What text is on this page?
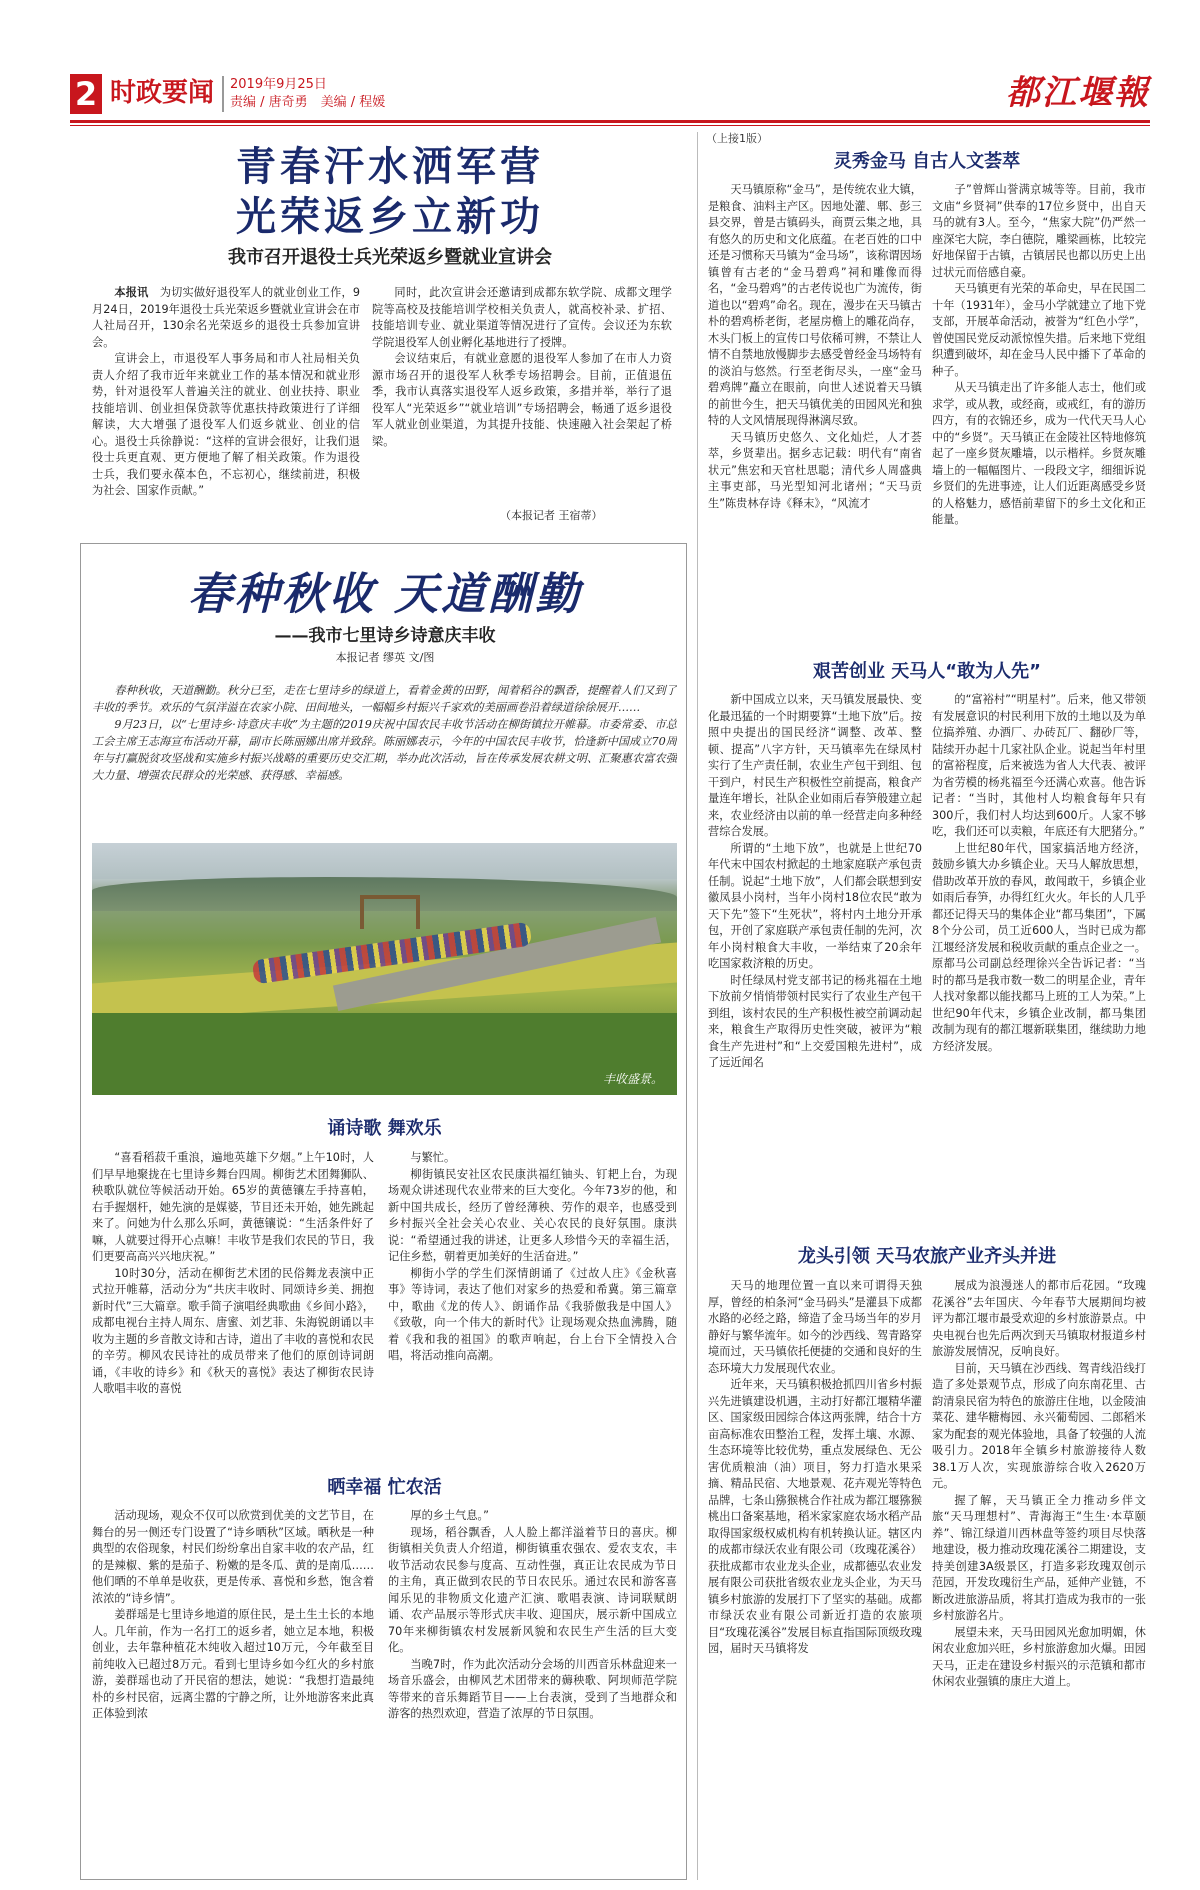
2 时政要闻 2019年9月25日
责编 / 唐奇勇　美编 / 程媛	都江堰報
青春汗水洒军营
光荣返乡立新功
我市召开退役士兵光荣返乡暨就业宣讲会

本报讯　 为切实做好退役军人的就业创业工作，9月24日，2019年退役士兵光荣返乡暨就业宣讲会在市人社局召开，130余名光荣返乡的退役士兵参加宣讲会。

宣讲会上，市退役军人事务局和市人社局相关负责人介绍了我市近年来就业工作的基本情况和就业形势，针对退役军人普遍关注的就业、创业扶持、职业技能培训、创业担保贷款等优惠扶持政策进行了详细解读，大大增强了退役军人们返乡就业、创业的信心。退役士兵徐静说：“这样的宣讲会很好，让我们退役士兵更直观、更方便地了解了相关政策。作为退役士兵，我们要永葆本色，不忘初心，继续前进，积极为社会、国家作贡献。”

同时，此次宣讲会还邀请到成都东软学院、成都文理学院等高校及技能培训学校相关负责人，就高校补录、扩招、技能培训专业、就业渠道等情况进行了宣传。会议还为东软学院退役军人创业孵化基地进行了授牌。

会议结束后，有就业意愿的退役军人参加了在市人力资源市场召开的退役军人秋季专场招聘会。目前，正值退伍季，我市认真落实退役军人返乡政策，多措并举，举行了退役军人“光荣返乡”“就业培训”专场招聘会，畅通了返乡退役军人就业创业渠道，为其提升技能、快速融入社会架起了桥梁。

（本报记者 王宿蒂）
春种秋收 天道酬勤
——我市七里诗乡诗意庆丰收
本报记者 缪英 文/图

春种秋收，天道酬勤。秋分已至，走在七里诗乡的绿道上，看着金黄的田野，闻着稻谷的飘香，提醒着人们又到了丰收的季节。欢乐的气氛洋溢在农家小院、田间地头，一幅幅乡村振兴千家欢的美丽画卷沿着绿道徐徐展开……

9月23日，以“七里诗乡·诗意庆丰收”为主题的2019庆祝中国农民丰收节活动在柳街镇拉开帷幕。市委常委、市总工会主席王志海宣布活动开幕，副市长陈丽娜出席并致辞。陈丽娜表示，今年的中国农民丰收节，恰逢新中国成立70周年与打赢脱贫攻坚战和实施乡村振兴战略的重要历史交汇期，举办此次活动，旨在传承发展农耕文明、汇聚惠农富农强大力量、增强农民群众的光荣感、获得感、幸福感。

丰收盛景。
诵诗歌 舞欢乐

“喜看稻菽千重浪，遍地英雄下夕烟。”上午10时，人们早早地聚拢在七里诗乡舞台四周。柳街艺术团舞狮队、秧歌队就位等候活动开始。65岁的黄德镶左手持喜帕，右手握烟杆，她先演的是媒婆，节目还未开始，她先跳起来了。问她为什么那么乐呵，黄德镶说：“生活条件好了嘛，人就要过得开心点嘛！丰收节是我们农民的节日，我们更要高高兴兴地庆祝。”

10时30分，活动在柳街艺术团的民俗舞龙表演中正式拉开帷幕，活动分为“共庆丰收时、同颂诗乡美、拥抱新时代”三大篇章。歌手简子演唱经典歌曲《乡间小路》，成都电视台主持人周东、唐蜜、刘艺菲、朱海锐朗诵以丰收为主题的乡音散文诗和古诗，道出了丰收的喜悦和农民的辛劳。柳风农民诗社的成员带来了他们的原创诗词朗诵，《丰收的诗乡》和《秋天的喜悦》表达了柳街农民诗人歌唱丰收的喜悦

与繁忙。

柳街镇民安社区农民康洪福红铀头、钉耙上台，为现场观众讲述现代农业带来的巨大变化。今年73岁的他，和新中国共成长，经历了曾经薄秧、劳作的艰辛，也感受到乡村振兴全社会关心农业、关心农民的良好氛围。康洪说：“希望通过我的讲述，让更多人珍惜今天的幸福生活，记住乡愁，朝着更加美好的生活奋进。”

柳街小学的学生们深情朗诵了《过故人庄》《金秋喜事》等诗词，表达了他们对家乡的热爱和希冀。第三篇章中，歌曲《龙的传人》、朗诵作品《我骄傲我是中国人》《致敬，向一个伟大的新时代》让现场观众热血沸腾，随着《我和我的祖国》的歌声响起，台上台下全情投入合唱，将活动推向高潮。

晒幸福 忙农活

活动现场，观众不仅可以欣赏到优美的文艺节目，在舞台的另一侧还专门设置了“诗乡晒秋”区域。晒秋是一种典型的农俗现象，村民们纷纷拿出自家丰收的农产品，红的是辣椒、紫的是茄子、粉嫩的是冬瓜、黄的是南瓜……他们晒的不单单是收获，更是传承、喜悦和乡愁，饱含着浓浓的“诗乡情”。

姜群瑶是七里诗乡地道的原住民，是土生土长的本地人。几年前，作为一名打工的返乡者，她立足本地，积极创业，去年靠种植花木纯收入超过10万元，今年截至目前纯收入已超过8万元。看到七里诗乡如今红火的乡村旅游，姜群瑶也动了开民宿的想法，她说：“我想打造最纯朴的乡村民宿，远离尘嚣的宁静之所，让外地游客来此真正体验到浓

厚的乡土气息。”

现场，稻谷飘香，人人脸上都洋溢着节日的喜庆。柳街镇相关负责人介绍道，柳街镇重农强农、爱农支农，丰收节活动农民参与度高、互动性强，真正让农民成为节日的主角，真正做到农民的节日农民乐。通过农民和游客喜闻乐见的非物质文化遗产汇演、歌唱表演、诗词联赋朗诵、农产品展示等形式庆丰收、迎国庆，展示新中国成立70年来柳街镇农村发展新风貌和农民生产生活的巨大变化。

当晚7时，作为此次活动分会场的川西音乐林盘迎来一场音乐盛会，由柳风艺术团带来的薅秧歌、阿坝师范学院等带来的音乐舞蹈节目——上台表演，受到了当地群众和游客的热烈欢迎，营造了浓厚的节日氛围。

（上接1版）
灵秀金马 自古人文荟萃

天马镇原称“金马”，是传统农业大镇，是粮食、油料主产区。因地处灌、郫、彭三县交界，曾是古镇码头，商贾云集之地，具有悠久的历史和文化底蕴。在老百姓的口中还是习惯称天马镇为“金马场”，该称谓因场镇曾有古老的“金马碧鸡”祠和雕像而得名，“金马碧鸡”的古老传说也广为流传，街道也以“碧鸡”命名。现在，漫步在天马镇古朴的碧鸡桥老街，老屋房檐上的雕花尚存，木头门板上的宣传口号依稀可辨，不禁让人情不自禁地放慢脚步去感受曾经金马场特有的淡泊与悠然。行至老街尽头，一座“金马碧鸡牌”矗立在眼前，向世人述说着天马镇的前世今生，把天马镇优美的田园风光和独特的人文风情展现得淋漓尽致。

天马镇历史悠久、文化灿烂，人才荟萃，乡贤辈出。据乡志记载：明代有“南省状元”焦宏和天官杜思聪；清代乡人周盛典主事吏部，马光型知河北诸州；“天马贡生”陈贵林存诗《释末》，“风流才

子”曾辉山誉满京城等等。目前，我市文庙“乡贤祠”供奉的17位乡贤中，出自天马的就有3人。至今，“焦家大院”仍严然一座深宅大院，李白德院，雕梁画栋，比较完好地保留于古镇，古镇居民也都以历史上出过状元而倍感自豪。

天马镇更有光荣的革命史，早在民国二十年（1931年），金马小学就建立了地下党支部，开展革命活动，被誉为“红色小学”，曾使国民党反动派惊惶失措。后来地下党组织遭到破坏，却在金马人民中播下了革命的种子。

从天马镇走出了许多能人志士，他们或求学，或从教，或经商，或戒红，有的游历四方，有的衣锦还乡，成为一代代天马人心中的“乡贤”。天马镇正在金陵社区特地修筑起了一座乡贤灰雕墙，以示楷样。乡贤灰雕墙上的一幅幅图片、一段段文字，细细诉说乡贤们的先进事迹，让人们近距离感受乡贤的人格魅力，感悟前辈留下的乡土文化和正能量。

艰苦创业 天马人“敢为人先”

新中国成立以来，天马镇发展最快、变化最迅猛的一个时期要算“土地下放”后。按照中央提出的国民经济“调整、改革、整顿、提高”八字方针，天马镇率先在绿凤村实行了生产责任制，农业生产包干到组、包干到户，村民生产积极性空前提高，粮食产量连年增长，社队企业如雨后春笋般建立起来，农业经济由以前的单一经营走向多种经营综合发展。

所谓的“土地下放”，也就是上世纪70年代末中国农村掀起的土地家庭联产承包责任制。说起“土地下放”，人们都会联想到安徽凤县小岗村，当年小岗村18位农民“敢为天下先”签下“生死状”，将村内土地分开承包，开创了家庭联产承包责任制的先河，次年小岗村粮食大丰收，一举结束了20余年吃国家救济粮的历史。

时任绿凤村党支部书记的杨兆福在土地下放前夕悄悄带领村民实行了农业生产包干到组，该村农民的生产积极性被空前调动起来，粮食生产取得历史性突破，被评为“粮食生产先进村”和“上交爱国粮先进村”，成了远近闻名

的“富裕村”“明星村”。后来，他又带领有发展意识的村民利用下放的土地以及为单位搞养殖、办酒厂、办砖瓦厂、翻砂厂等，陆续开办起十几家社队企业。说起当年村里的富裕程度，后来被选为省人大代表、被评为省劳模的杨兆福至今还满心欢喜。他告诉记者：“当时，其他村人均粮食每年只有300斤，我们村人均达到600斤。人家不够吃，我们还可以卖粮，年底还有大肥猪分。”

上世纪80年代，国家搞活地方经济，鼓励乡镇大办乡镇企业。天马人解放思想，借助改革开放的春风，敢闯敢干，乡镇企业如雨后春笋，办得红红火火。年长的人几乎都还记得天马的集体企业“都马集团”，下属8个分公司，员工近600人，当时已成为都江堰经济发展和税收贡献的重点企业之一。原都马公司副总经理徐兴全告诉记者：“当时的都马是我市数一数二的明星企业，青年人找对象都以能找都马上班的工人为荣。”上世纪90年代末，乡镇企业改制，都马集团改制为现有的都江堰新联集团，继续助力地方经济发展。

龙头引领 天马农旅产业齐头并进

天马的地理位置一直以来可谓得天独厚，曾经的柏条河“金马码头”是灌县下成都水路的必经之路，缔造了金马场当年的岁月静好与繁华流年。如今的沙西线、驾青路穿境而过，天马镇依托便捷的交通和良好的生态环境大力发展现代农业。

近年来，天马镇积极抢抓四川省乡村振兴先进镇建设机遇，主动打好都江堰精华灌区、国家级田园综合体这两张牌，结合十方亩高标准农田整治工程，发挥土壤、水源、生态环境等比较优势，重点发展绿色、无公害优质粮油（油）项目，努力打造水果采摘、精品民宿、大地景观、花卉观光等特色品牌，七条山猕猴桃合作社成为都江堰猕猴桃出口备案基地，稻米家家庭农场水稻产品取得国家级权威机构有机转换认证。辖区内的成都市绿沃农业有限公司（玫瑰花溪谷）获批成都市农业龙头企业，成都德弘农业发展有限公司获批省级农业龙头企业，为天马镇乡村旅游的发展打下了坚实的基础。成都市绿沃农业有限公司新近打造的农旅项目“玫瑰花溪谷”发展目标直指国际顶级玫瑰园，届时天马镇将发

展成为浪漫迷人的都市后花园。“玫瑰花溪谷”去年国庆、今年春节大展期间均被评为都江堰市最受欢迎的乡村旅游景点。中央电视台也先后两次到天马镇取材报道乡村旅游发展情况，反响良好。

目前，天马镇在沙西线、驾青线沿线打造了多处景观节点，形成了向东南花里、古韵清泉民宿为特色的旅游庄住地，以金陵油菜花、建华糖梅园、永兴葡萄园、二郎稻米家为配套的观光体验地，具备了较强的人流吸引力。2018年全镇乡村旅游接待人数38.1万人次，实现旅游综合收入2620万元。

握了解，天马镇正全力推动乡伴文旅“天马理想村”、青海海王“生生·本草颐养”、锦江绿道川西林盘等签约项目尽快落地建设，极力推动玫瑰花溪谷二期建设，支持美创建3A级景区，打造多彩玫瑰双创示范园，开发玫瑰衍生产品，延伸产业链，不断改进旅游品质，将其打造成为我市的一张乡村旅游名片。

展望未来，天马田园风光愈加明媚，休闲农业愈加兴旺，乡村旅游愈加火爆。田园天马，正走在建设乡村振兴的示范镇和都市休闲农业强镇的康庄大道上。
